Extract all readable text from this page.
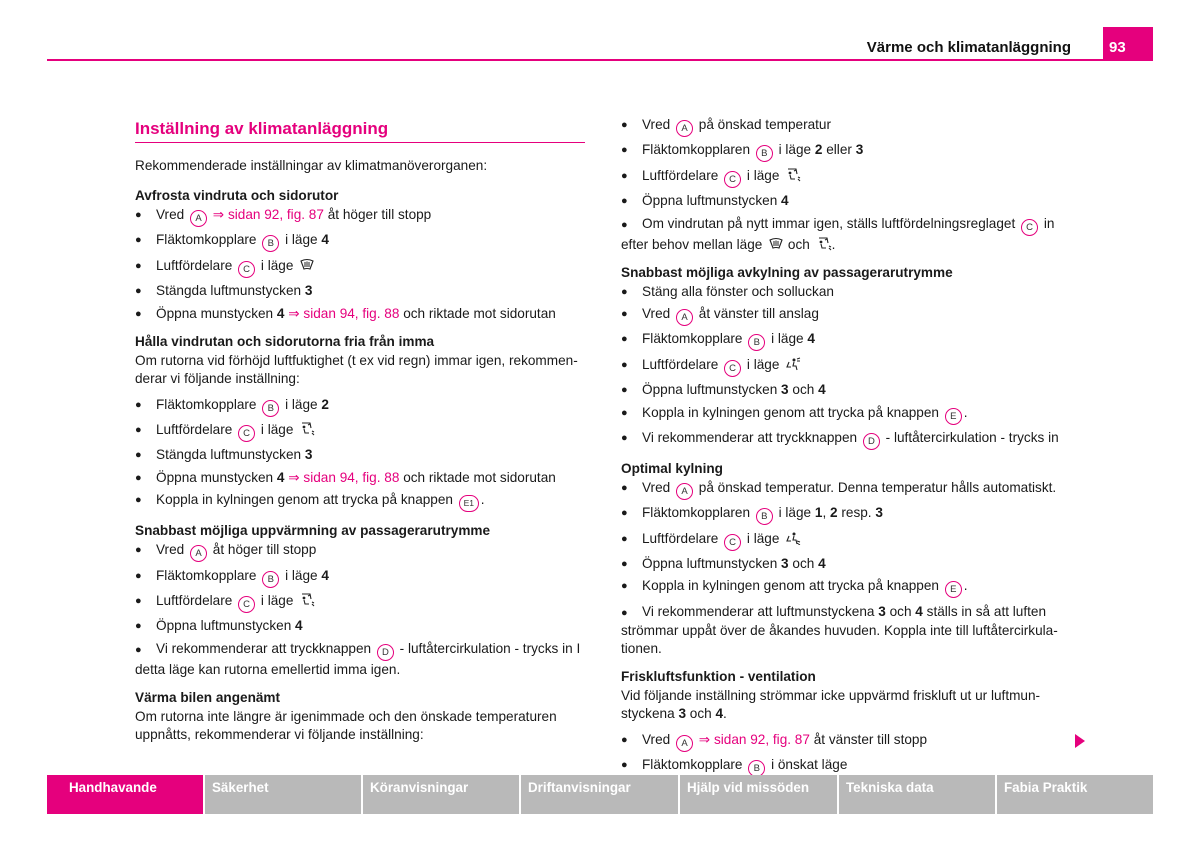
Värme och klimatanläggning	93
Inställning av klimatanläggning

Rekommenderade inställningar av klimatmanöverorganen:

Avfrosta vindruta och sidorutor
● Vred A ⇒ sidan 92, fig. 87 åt höger till stopp
● Fläktomkopplare B i läge 4
● Luftfördelare C i läge
● Stängda luftmunstycken 3
● Öppna munstycken 4 ⇒ sidan 94, fig. 88 och riktade mot sidorutan
Hålla vindrutan och sidorutorna fria från imma

Om rutorna vid förhöjd luftfuktighet (t ex vid regn) immar igen, rekommen-derar vi följande inställning:

● Fläktomkopplare B i läge 2
● Luftfördelare C i läge
● Stängda luftmunstycken 3
● Öppna munstycken 4 ⇒ sidan 94, fig. 88 och riktade mot sidorutan
● Koppla in kylningen genom att trycka på knappen E1 .
Snabbast möjliga uppvärmning av passagerarutrymme
● Vred A åt höger till stopp
● Fläktomkopplare B i läge 4
● Luftfördelare C i läge
● Öppna luftmunstycken 4
● Vi rekommenderar att tryckknappen D - luftåtercirkulation - trycks in I detta läge kan rutorna emellertid imma igen.
Värma bilen angenämt

Om rutorna inte längre är igenimmade och den önskade temperaturen uppnåtts, rekommenderar vi följande inställning:

● Vred A på önskad temperatur
● Fläktomkopplaren B i läge 2 eller 3
● Luftfördelare C i läge
● Öppna luftmunstycken 4
● Om vindrutan på nytt immar igen, ställs luftfördelningsreglaget C in efter behov mellan läge och .
Snabbast möjliga avkylning av passagerarutrymme
● Stäng alla fönster och solluckan
● Vred A åt vänster till anslag
● Fläktomkopplare B i läge 4
● Luftfördelare C i läge
● Öppna luftmunstycken 3 och 4
● Koppla in kylningen genom att trycka på knappen E .
● Vi rekommenderar att tryckknappen D - luftåtercirkulation - trycks in
Optimal kylning
● Vred A på önskad temperatur. Denna temperatur hålls automatiskt.
● Fläktomkopplaren B i läge 1, 2 resp. 3
● Luftfördelare C i läge
● Öppna luftmunstycken 3 och 4
● Koppla in kylningen genom att trycka på knappen E .
● Vi rekommenderar att luftmunstyckena 3 och 4 ställs in så att luften strömmar uppåt över de åkandes huvuden. Koppla inte till luftåtercirkula-tionen.
Friskluftsfunktion - ventilation

Vid följande inställning strömmar icke uppvärmd friskluft ut ur luftmun-styckena 3 och 4.

● Vred A ⇒ sidan 92, fig. 87 åt vänster till stopp
● Fläktomkopplare B i önskat läge
Handhavande	Säkerhet	Köranvisningar	Driftanvisningar	Hjälp vid missöden	Tekniska data	Fabia Praktik
